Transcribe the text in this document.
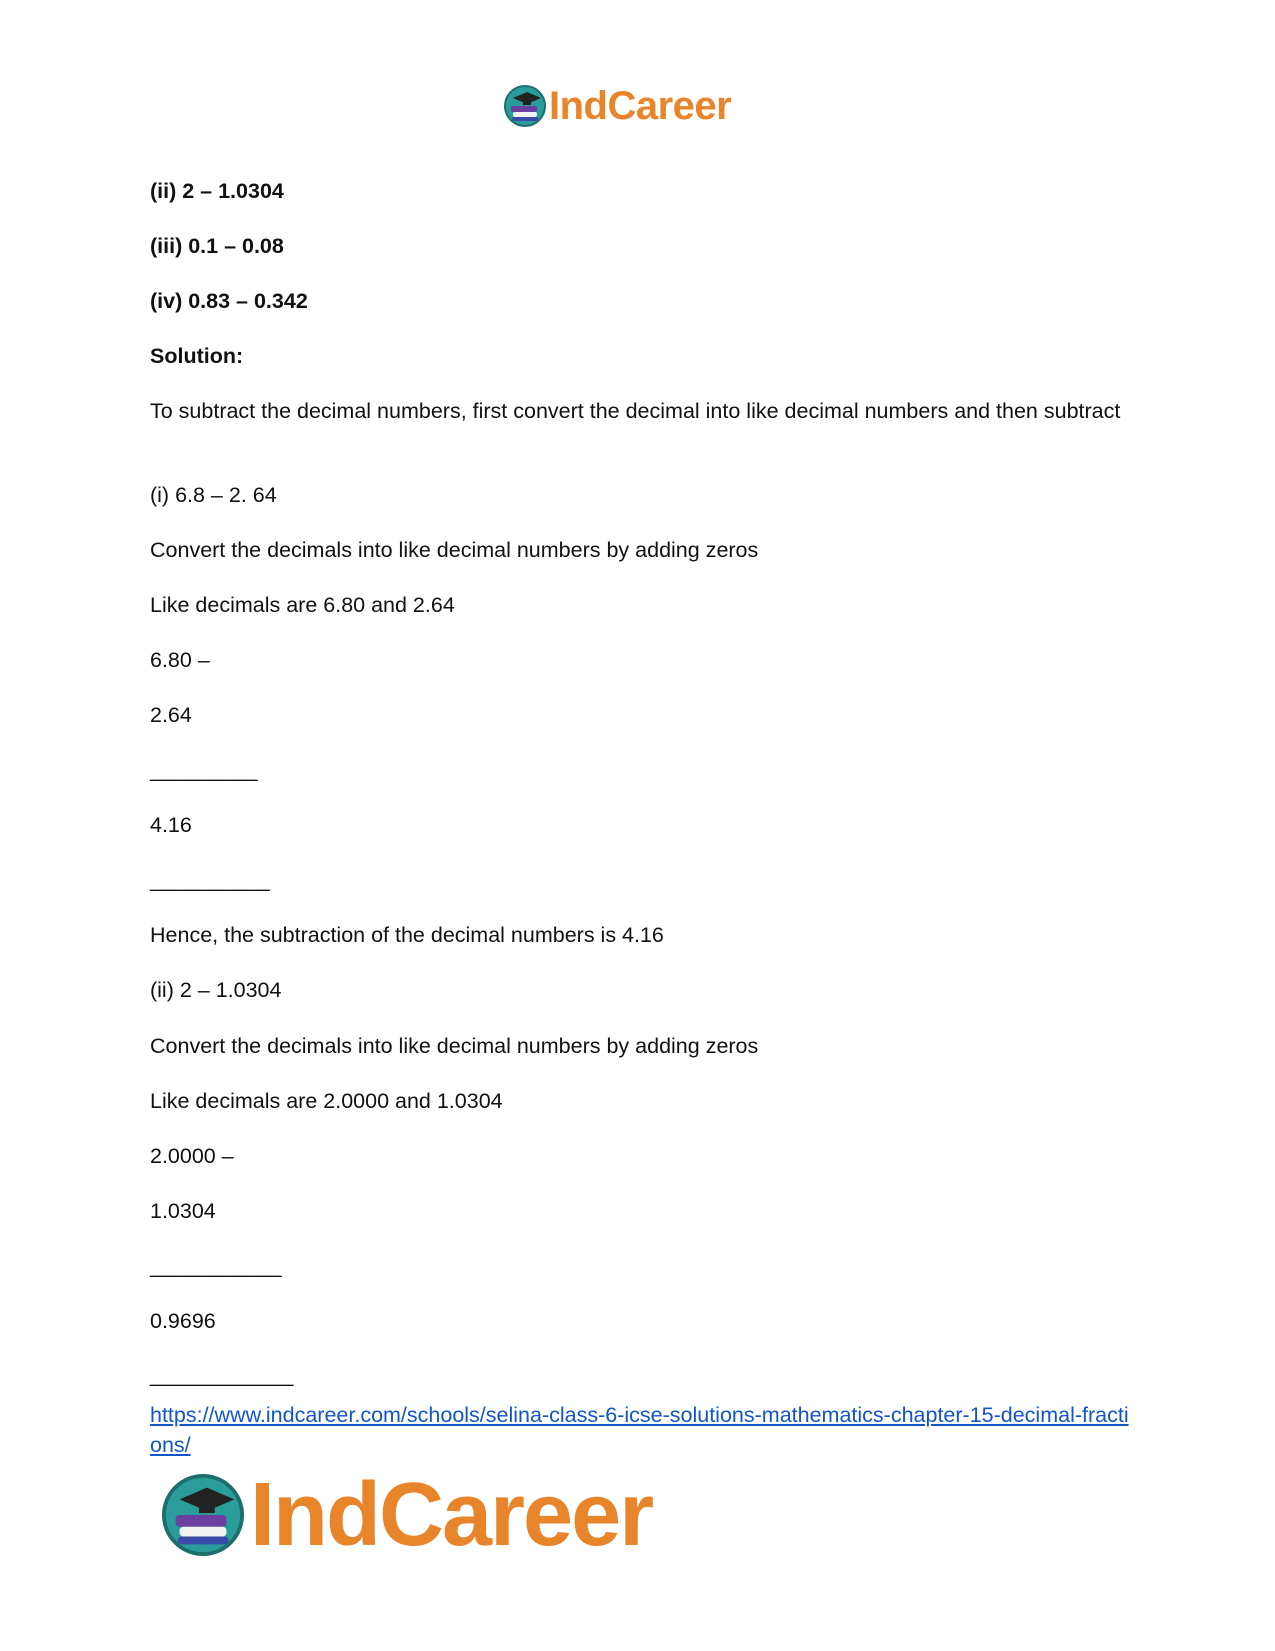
IndCareer
(ii) 2 – 1.0304
(iii) 0.1 – 0.08
(iv) 0.83 – 0.342
Solution:
To subtract the decimal numbers, first convert the decimal into like decimal numbers and then subtract
(i) 6.8 – 2. 64
Convert the decimals into like decimal numbers by adding zeros
Like decimals are 6.80 and 2.64
6.80 –
2.64
_________
4.16
__________
Hence, the subtraction of the decimal numbers is 4.16
(ii) 2 – 1.0304
Convert the decimals into like decimal numbers by adding zeros
Like decimals are 2.0000 and 1.0304
2.0000 –
1.0304
___________
0.9696
____________
https://www.indcareer.com/schools/selina-class-6-icse-solutions-mathematics-chapter-15-decimal-fractions/
IndCareer
